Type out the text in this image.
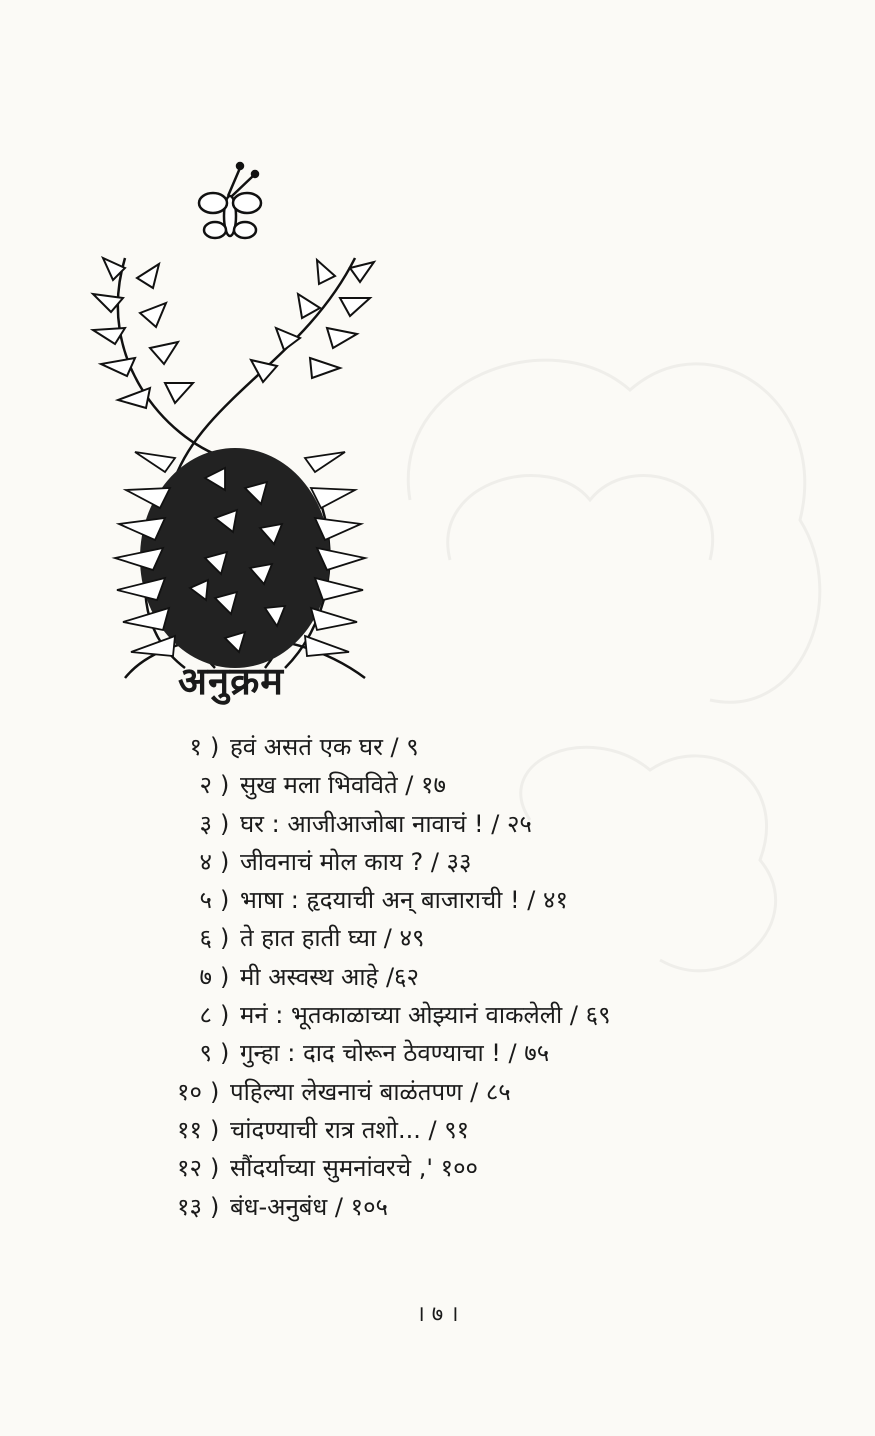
अनुक्रम
१ ) हवं असतं एक घर / ९
२ ) सुख मला भिवविते / १७
३ ) घर : आजीआजोबा नावाचं ! / २५
४ ) जीवनाचं मोल काय ? / ३३
५ ) भाषा : हृदयाची अन् बाजाराची ! / ४१
६ ) ते हात हाती घ्या / ४९
७ ) मी अस्वस्थ आहे /६२
८ ) मनं : भूतकाळाच्या ओझ्यानं वाकलेली / ६९
९ ) गुन्हा : दाद चोरून ठेवण्याचा ! / ७५
१० ) पहिल्या लेखनाचं बाळंतपण / ८५
११ ) चांदण्याची रात्र तशो... / ९१
१२ ) सौंदर्याच्या सुमनांवरचे ,' १००
१३ ) बंध-अनुबंध / १०५
। ७ ।
